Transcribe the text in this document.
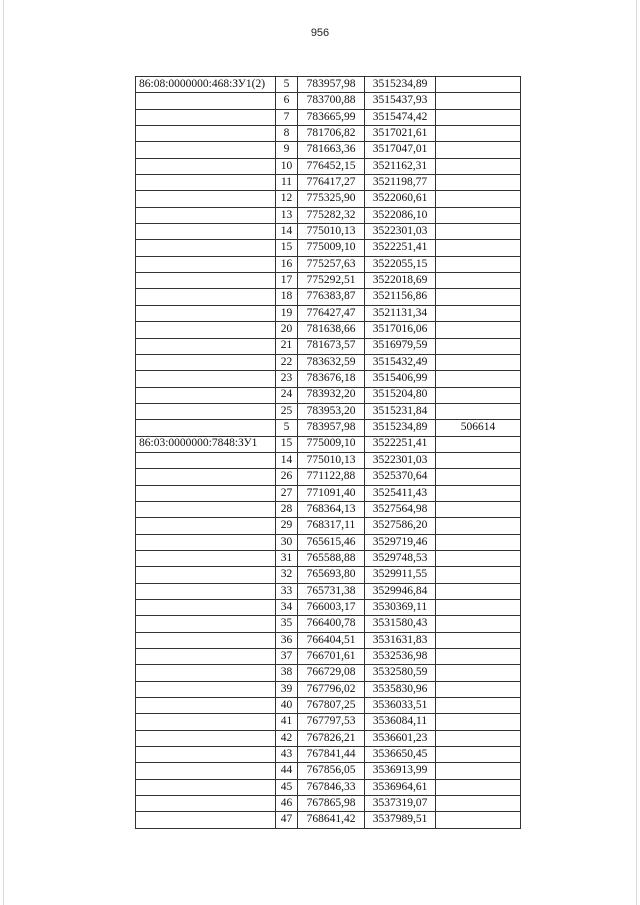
956
86:08:0000000:468:ЗУ1(2)	5	783957,98	3515234,89	
	6	783700,88	3515437,93	
	7	783665,99	3515474,42	
	8	781706,82	3517021,61	
	9	781663,36	3517047,01	
	10	776452,15	3521162,31	
	11	776417,27	3521198,77	
	12	775325,90	3522060,61	
	13	775282,32	3522086,10	
	14	775010,13	3522301,03	
	15	775009,10	3522251,41	
	16	775257,63	3522055,15	
	17	775292,51	3522018,69	
	18	776383,87	3521156,86	
	19	776427,47	3521131,34	
	20	781638,66	3517016,06	
	21	781673,57	3516979,59	
	22	783632,59	3515432,49	
	23	783676,18	3515406,99	
	24	783932,20	3515204,80	
	25	783953,20	3515231,84	
	5	783957,98	3515234,89	506614
86:03:0000000:7848:ЗУ1	15	775009,10	3522251,41	
	14	775010,13	3522301,03	
	26	771122,88	3525370,64	
	27	771091,40	3525411,43	
	28	768364,13	3527564,98	
	29	768317,11	3527586,20	
	30	765615,46	3529719,46	
	31	765588,88	3529748,53	
	32	765693,80	3529911,55	
	33	765731,38	3529946,84	
	34	766003,17	3530369,11	
	35	766400,78	3531580,43	
	36	766404,51	3531631,83	
	37	766701,61	3532536,98	
	38	766729,08	3532580,59	
	39	767796,02	3535830,96	
	40	767807,25	3536033,51	
	41	767797,53	3536084,11	
	42	767826,21	3536601,23	
	43	767841,44	3536650,45	
	44	767856,05	3536913,99	
	45	767846,33	3536964,61	
	46	767865,98	3537319,07	
	47	768641,42	3537989,51	
